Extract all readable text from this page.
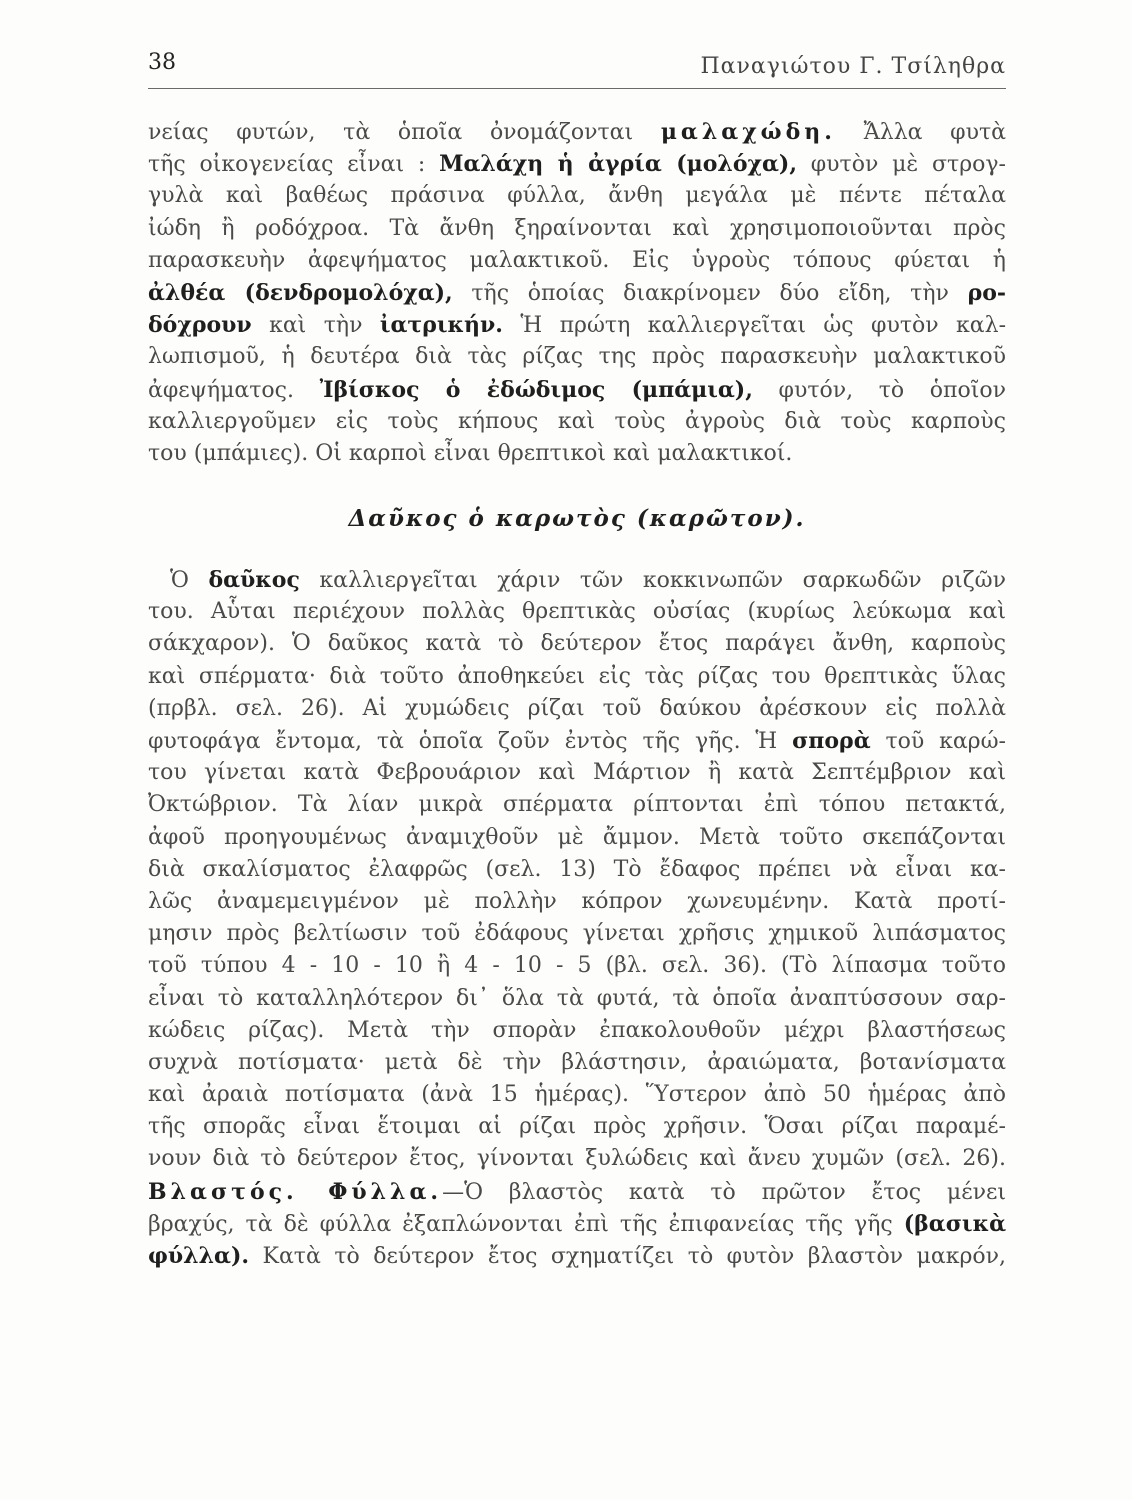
38	Παναγιώτου Γ. Τσίληθρα
νείας φυτών, τὰ ὁποῖα ὀνομάζονται μαλαχώδη. Ἄλλα φυτὰ
τῆς οἰκογενείας εἶναι : Μαλάχη ἡ ἀγρία (μολόχα), φυτὸν μὲ στρογ-
γυλὰ καὶ βαθέως πράσινα φύλλα, ἄνθη μεγάλα μὲ πέντε πέταλα
ἰώδη ἢ ροδόχροα. Τὰ ἄνθη ξηραίνονται καὶ χρησιμοποιοῦνται πρὸς
παρασκευὴν ἀφεψήματος μαλακτικοῦ. Εἰς ὑγροὺς τόπους φύεται ἡ
ἀλθέα (δενδρομολόχα), τῆς ὁποίας διακρίνομεν δύο εἴδη, τὴν ρο-
δόχρουν καὶ τὴν ἰατρικήν. Ἡ πρώτη καλλιεργεῖται ὡς φυτὸν καλ-
λωπισμοῦ, ἡ δευτέρα διὰ τὰς ρίζας της πρὸς παρασκευὴν μαλακτικοῦ
ἀφεψήματος. Ἰβίσκος ὁ ἐδώδιμος (μπάμια), φυτόν, τὸ ὁποῖον
καλλιεργοῦμεν εἰς τοὺς κήπους καὶ τοὺς ἀγροὺς διὰ τοὺς καρποὺς
του (μπάμιες). Οἱ καρποὶ εἶναι θρεπτικοὶ καὶ μαλακτικοί.
Δαῦκος ὁ καρωτὸς (καρῶτον).
Ὁ δαῦκος καλλιεργεῖται χάριν τῶν κοκκινωπῶν σαρκωδῶν ριζῶν
του. Αὗται περιέχουν πολλὰς θρεπτικὰς οὐσίας (κυρίως λεύκωμα καὶ
σάκχαρον). Ὁ δαῦκος κατὰ τὸ δεύτερον ἔτος παράγει ἄνθη, καρποὺς
καὶ σπέρματα· διὰ τοῦτο ἀποθηκεύει εἰς τὰς ρίζας του θρεπτικὰς ὕλας
(πρβλ. σελ. 26). Αἱ χυμώδεις ρίζαι τοῦ δαύκου ἀρέσκουν εἰς πολλὰ
φυτοφάγα ἔντομα, τὰ ὁποῖα ζοῦν ἐντὸς τῆς γῆς. Ἡ σπορὰ τοῦ καρώ-
του γίνεται κατὰ Φεβρουάριον καὶ Μάρτιον ἢ κατὰ Σεπτέμβριον καὶ
Ὀκτώβριον. Τὰ λίαν μικρὰ σπέρματα ρίπτονται ἐπὶ τόπου πετακτά,
ἀφοῦ προηγουμένως ἀναμιχθοῦν μὲ ἄμμον. Μετὰ τοῦτο σκεπάζονται
διὰ σκαλίσματος ἐλαφρῶς (σελ. 13) Τὸ ἔδαφος πρέπει νὰ εἶναι κα-
λῶς ἀναμεμειγμένον μὲ πολλὴν κόπρον χωνευμένην. Κατὰ προτί-
μησιν πρὸς βελτίωσιν τοῦ ἐδάφους γίνεται χρῆσις χημικοῦ λιπάσματος
τοῦ τύπου 4 - 10 - 10 ἢ 4 - 10 - 5 (βλ. σελ. 36). (Τὸ λίπασμα τοῦτο
εἶναι τὸ καταλληλότερον δι᾽ ὅλα τὰ φυτά, τὰ ὁποῖα ἀναπτύσσουν σαρ-
κώδεις ρίζας). Μετὰ τὴν σπορὰν ἐπακολουθοῦν μέχρι βλαστήσεως
συχνὰ ποτίσματα· μετὰ δὲ τὴν βλάστησιν, ἀραιώματα, βοτανίσματα
καὶ ἀραιὰ ποτίσματα (ἀνὰ 15 ἡμέρας). Ὕστερον ἀπὸ 50 ἡμέρας ἀπὸ
τῆς σπορᾶς εἶναι ἕτοιμαι αἱ ρίζαι πρὸς χρῆσιν. Ὅσαι ρίζαι παραμέ-
νουν διὰ τὸ δεύτερον ἔτος, γίνονται ξυλώδεις καὶ ἄνευ χυμῶν (σελ. 26).
Βλαστός. Φύλλα.—Ὁ βλαστὸς κατὰ τὸ πρῶτον ἔτος μένει
βραχύς, τὰ δὲ φύλλα ἐξαπλώνονται ἐπὶ τῆς ἐπιφανείας τῆς γῆς (βασικὰ
φύλλα). Κατὰ τὸ δεύτερον ἔτος σχηματίζει τὸ φυτὸν βλαστὸν μακρόν,
